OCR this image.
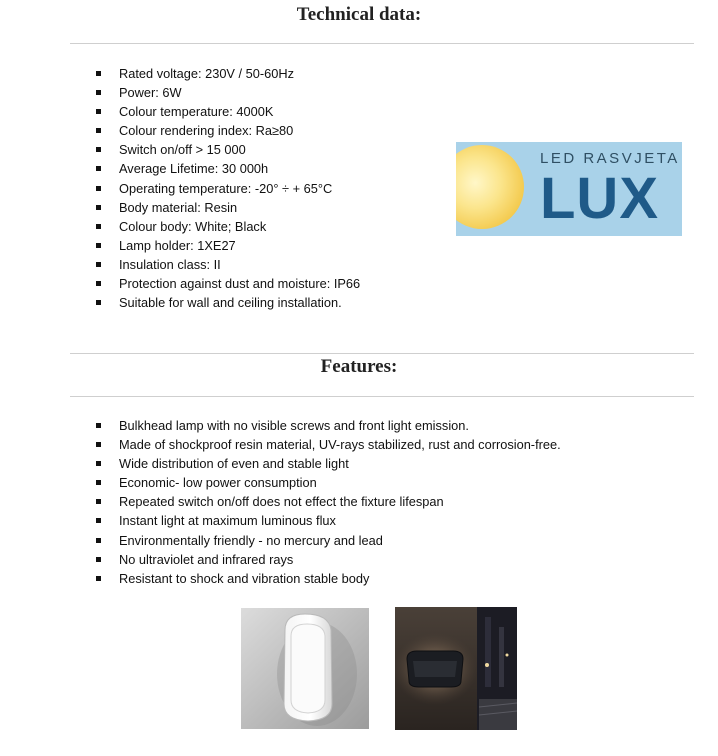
Technical data:
Rated voltage: 230V / 50-60Hz
Power: 6W
Colour temperature: 4000K
Colour rendering index: Ra≥80
Switch on/off > 15 000
Average Lifetime: 30 000h
Operating temperature: -20° ÷ + 65°C
Body material: Resin
Colour body: White; Black
Lamp holder: 1XE27
Insulation class: II
Protection against dust and moisture: IP66
Suitable for wall and ceiling installation.
LED RASVJETA
LUX
Features:
Bulkhead lamp with no visible screws and front light emission.
Made of shockproof resin material, UV-rays stabilized, rust and corrosion-free.
Wide distribution of even and stable light
Economic- low power consumption
Repeated switch on/off does not effect the fixture lifespan
Instant light at maximum luminous flux
Environmentally friendly - no mercury and lead
No ultraviolet and infrared rays
Resistant to shock and vibration stable body
